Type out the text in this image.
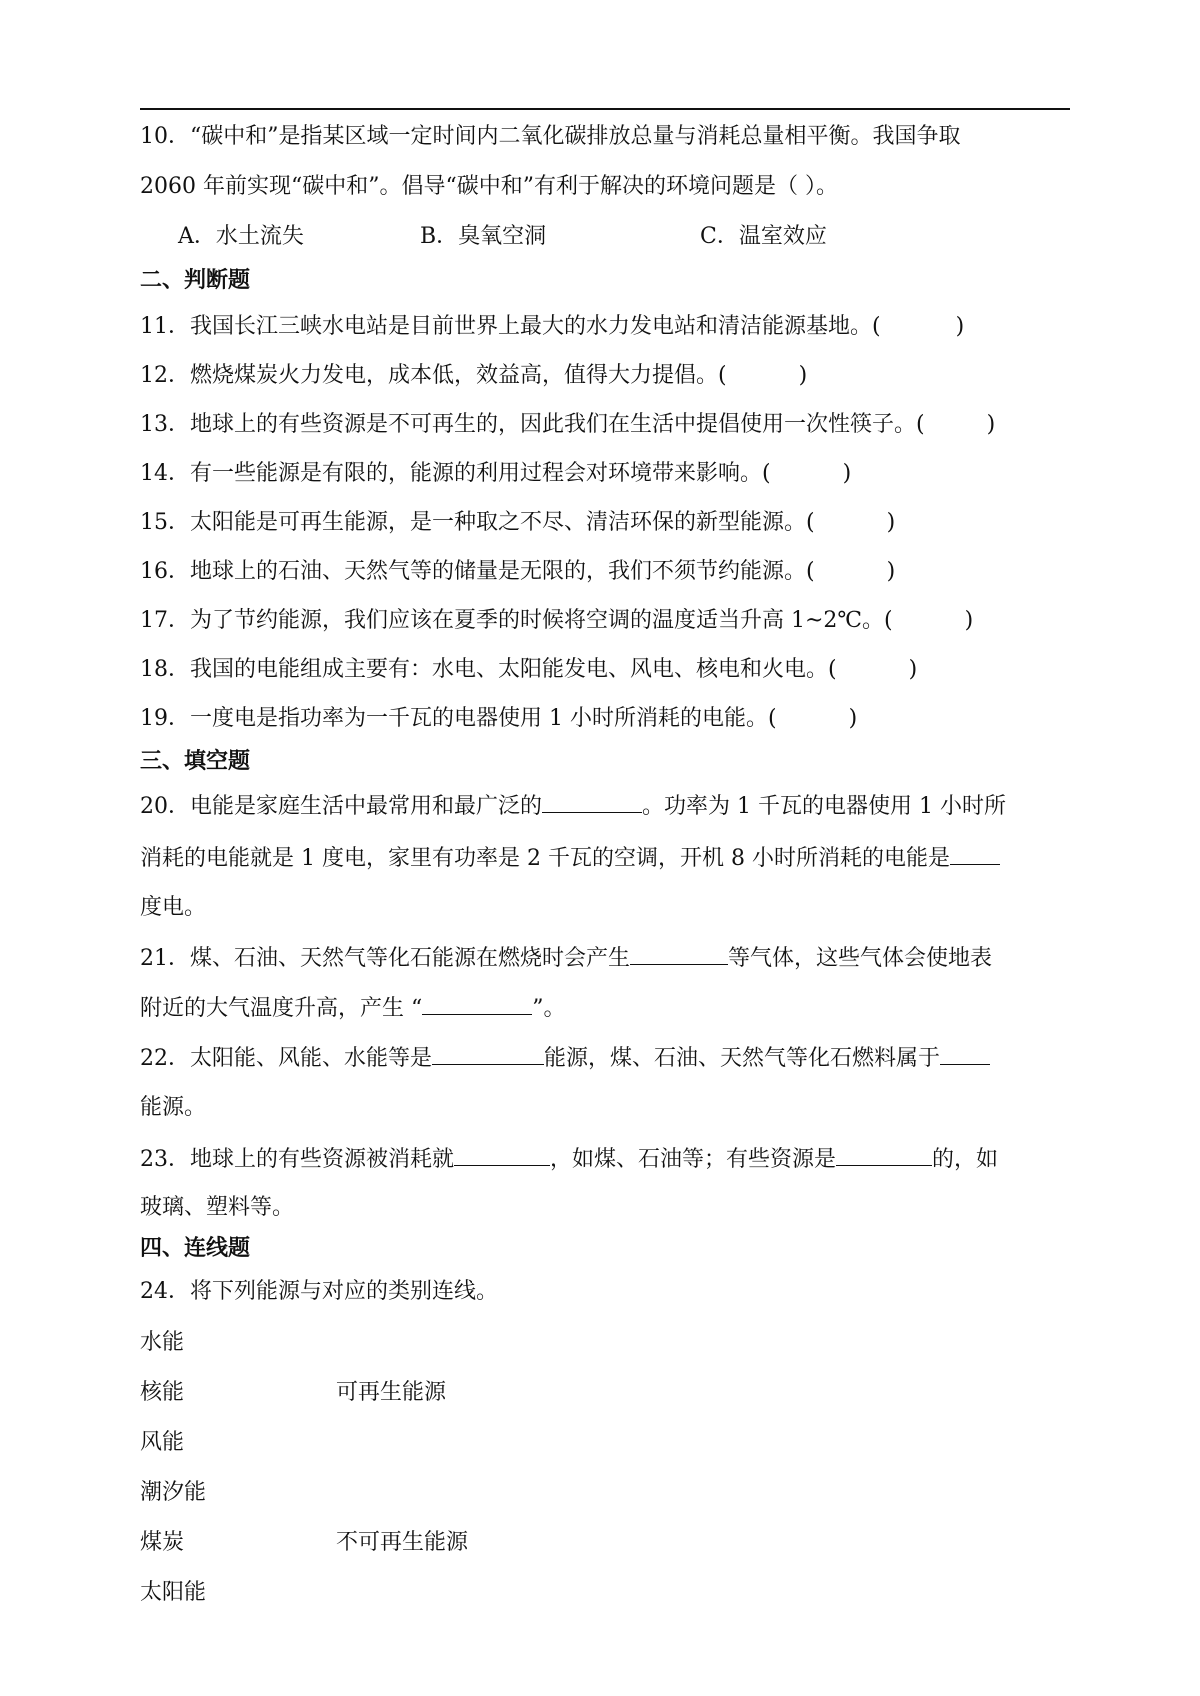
10．“碳中和”是指某区域一定时间内二氧化碳排放总量与消耗总量相平衡。我国争取
2060 年前实现“碳中和”。倡导“碳中和”有利于解决的环境问题是（ ）。
A．水土流失	B．臭氧空洞	C．温室效应
二、判断题
11．我国长江三峡水电站是目前世界上最大的水力发电站和清洁能源基地。(	)
12．燃烧煤炭火力发电，成本低，效益高，值得大力提倡。(	)
13．地球上的有些资源是不可再生的，因此我们在生活中提倡使用一次性筷子。(	)
14．有一些能源是有限的，能源的利用过程会对环境带来影响。(	)
15．太阳能是可再生能源，是一种取之不尽、清洁环保的新型能源。(	)
16．地球上的石油、天然气等的储量是无限的，我们不须节约能源。(	)
17．为了节约能源，我们应该在夏季的时候将空调的温度适当升高 1~2℃。(	)
18．我国的电能组成主要有：水电、太阳能发电、风电、核电和火电。(	)
19．一度电是指功率为一千瓦的电器使用 1 小时所消耗的电能。(	)
三、填空题
20．电能是家庭生活中最常用和最广泛的	。功率为 1 千瓦的电器使用 1 小时所
消耗的电能就是 1 度电，家里有功率是 2 千瓦的空调，开机 8 小时所消耗的电能是
度电。
21．煤、石油、天然气等化石能源在燃烧时会产生	等气体，这些气体会使地表
附近的大气温度升高，产生 “	”。
22．太阳能、风能、水能等是	能源，煤、石油、天然气等化石燃料属于
能源。
23．地球上的有些资源被消耗就	，如煤、石油等；有些资源是	的，如
玻璃、塑料等。
四、连线题
24．将下列能源与对应的类别连线。
水能
核能
风能
潮汐能
煤炭
太阳能
可再生能源
不可再生能源
